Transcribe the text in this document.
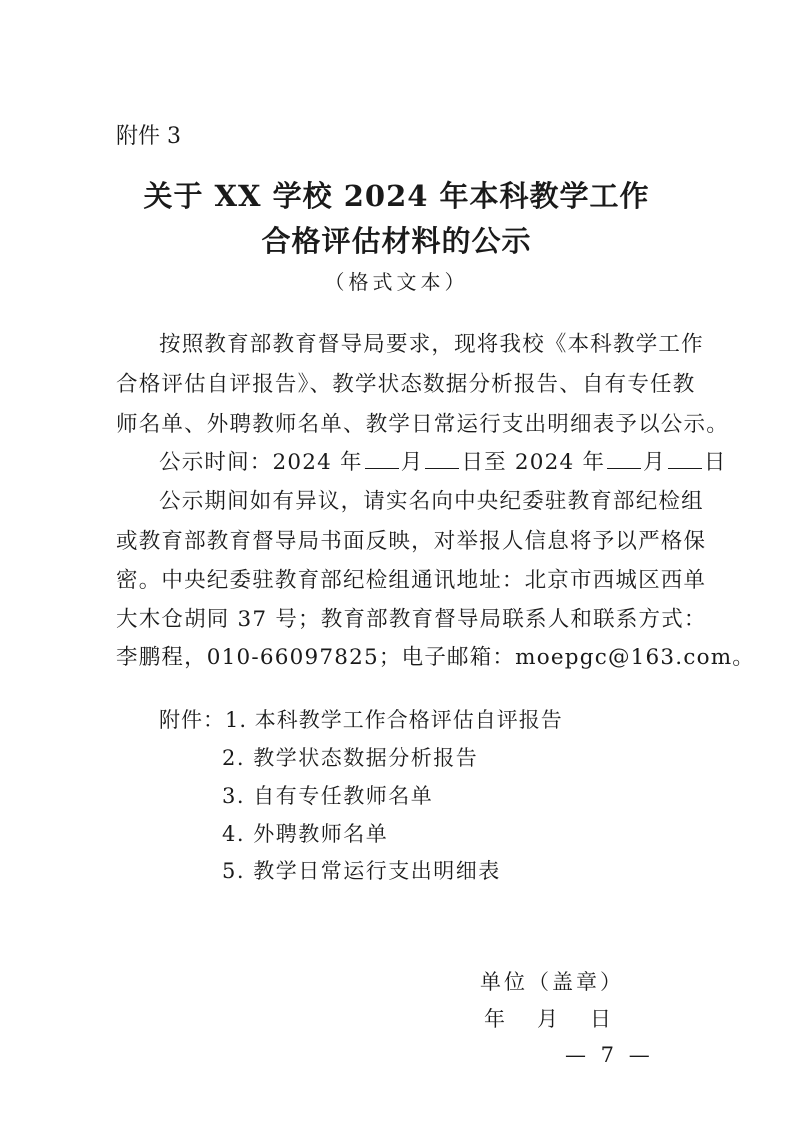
附件 3
关于 XX 学校 2024 年本科教学工作
合格评估材料的公示
（格式文本）
按照教育部教育督导局要求，现将我校《本科教学工作
合格评估自评报告》、教学状态数据分析报告、自有专任教
师名单、外聘教师名单、教学日常运行支出明细表予以公示。
公示时间：2024 年 月 日至 2024 年 月 日
公示期间如有异议，请实名向中央纪委驻教育部纪检组
或教育部教育督导局书面反映，对举报人信息将予以严格保
密。中央纪委驻教育部纪检组通讯地址：北京市西城区西单
大木仓胡同 37 号；教育部教育督导局联系人和联系方式：
李鹏程，010-66097825；电子邮箱：moepgc@163.com。
附件：1. 本科教学工作合格评估自评报告
2. 教学状态数据分析报告
3. 自有专任教师名单
4. 外聘教师名单
5. 教学日常运行支出明细表
单位（盖章）
年 月 日
— 7 —
